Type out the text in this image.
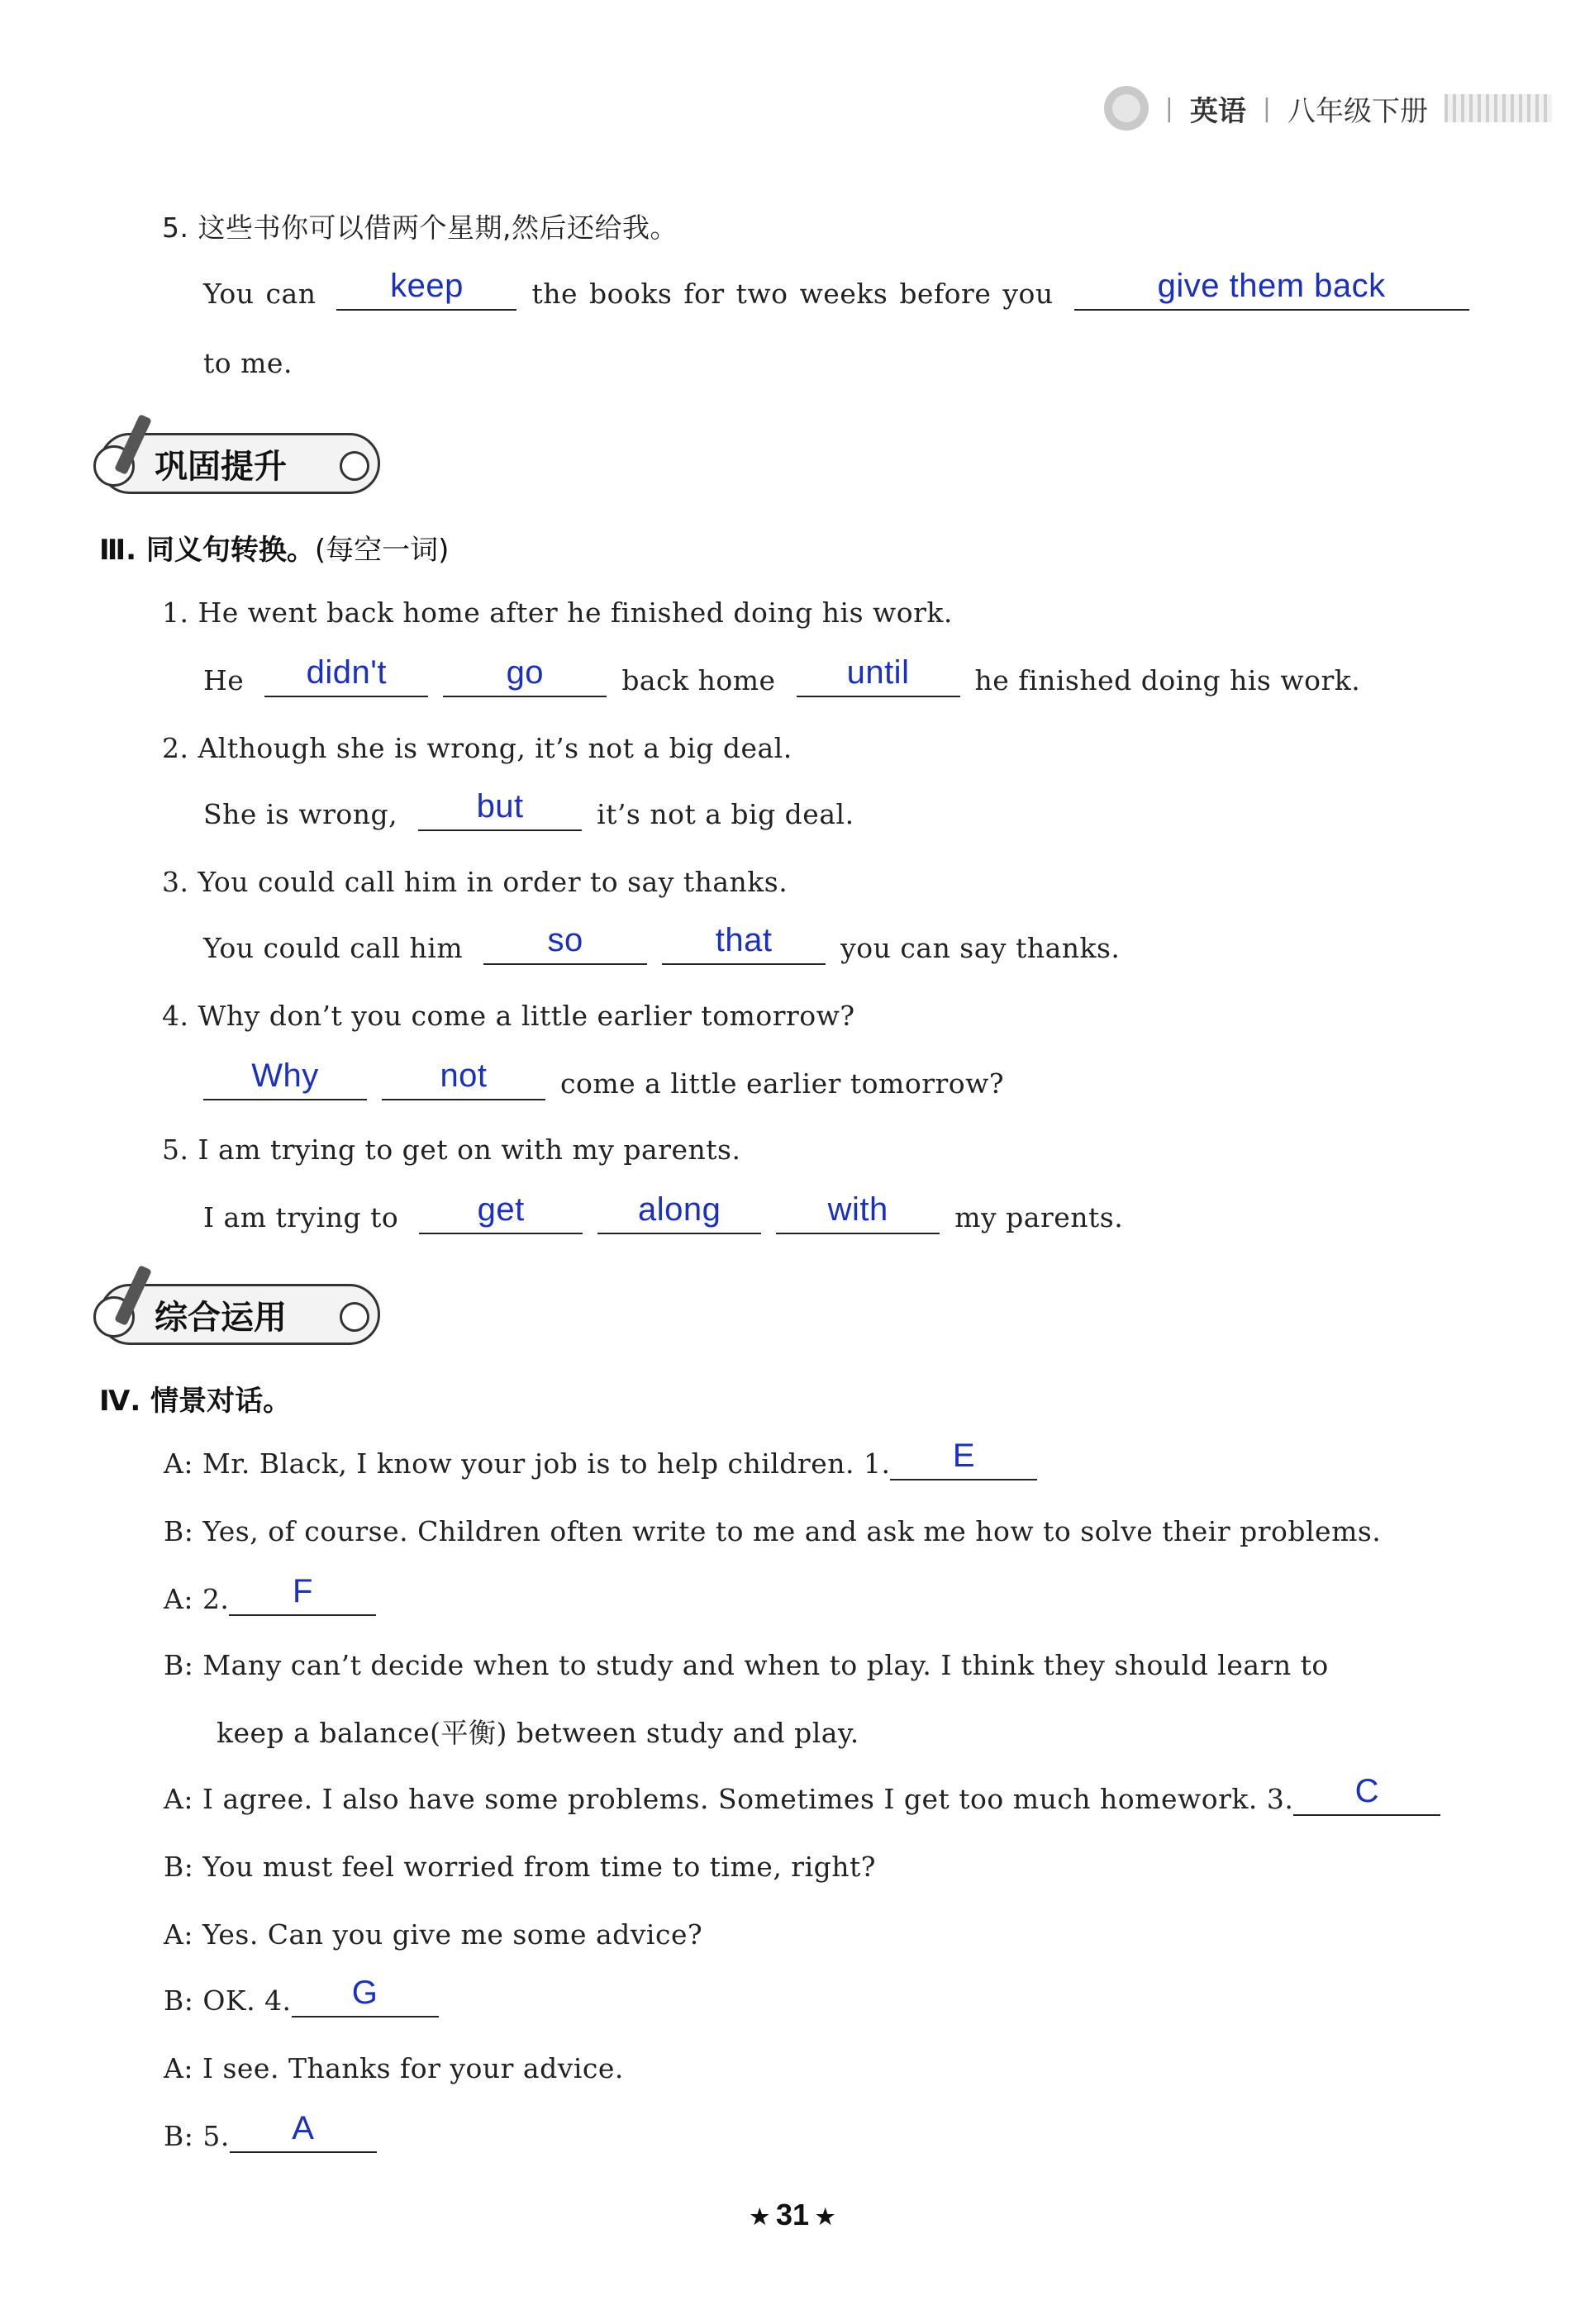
| 英语 | 八年级下册
5. 这些书你可以借两个星期,然后还给我。
You can	keep	the books for two weeks before you	give them back
to me.
巩固提升
Ⅲ. 同义句转换。(每空一词)
1. He went back home after he finished doing his work.
He	didn't	go	back home	until	he finished doing his work.
2. Although she is wrong, it’s not a big deal.
She is wrong,	but	it’s not a big deal.
3. You could call him in order to say thanks.
You could call him	so	that	you can say thanks.
4. Why don’t you come a little earlier tomorrow?
Why	not	come a little earlier tomorrow?
5. I am trying to get on with my parents.
I am trying to	get	along	with	my parents.
综合运用
Ⅳ. 情景对话。
A: Mr. Black, I know your job is to help children. 1.	E
B: Yes, of course. Children often write to me and ask me how to solve their problems.
A: 2.	F
B: Many can’t decide when to study and when to play. I think they should learn to
keep a balance(平衡) between study and play.
A: I agree. I also have some problems. Sometimes I get too much homework. 3.	C
B: You must feel worried from time to time, right?
A: Yes. Can you give me some advice?
B: OK. 4.	G
A: I see. Thanks for your advice.
B: 5.	A
★ 31 ★
